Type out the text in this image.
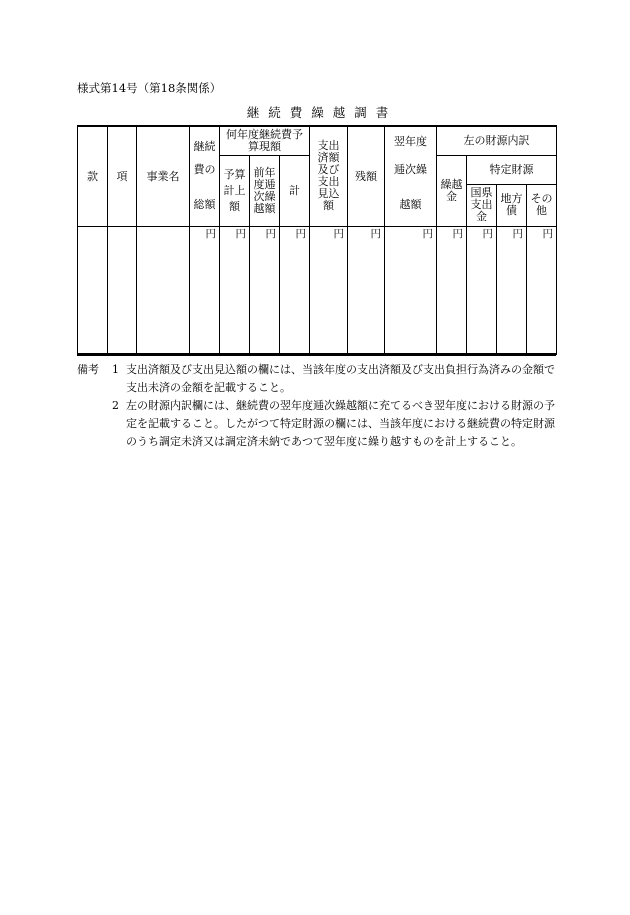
様式第14号（第18条関係）
継続費繰越調書
款	項	事業名	継続	何年度継続費予算現額			支出済額及び支出見込額	残額	翌年度	左の財源内訳			
			費の	予算計上額	前年度逓次繰越額	計			逓次繰	繰越金	特定財源		
			総額						越額		国県支出金	地方債	その他

			円	円	円	円	円	円	円	円	円	円	円
備考 1 支出済額及び支出見込額の欄には、当該年度の支出済額及び支出負担行為済みの金額で支出未済の金額を記載すること。
2 左の財源内訳欄には、継続費の翌年度逓次繰越額に充てるべき翌年度における財源の予定を記載すること。したがつて特定財源の欄には、当該年度における継続費の特定財源のうち調定未済又は調定済未納であつて翌年度に繰り越すものを計上すること。
